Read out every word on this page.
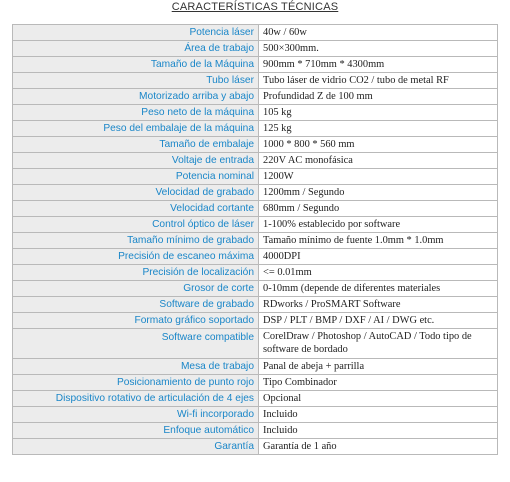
CARACTERÍSTICAS TÉCNICAS
Potencia láser	40w / 60w
Área de trabajo	500×300mm.
Tamaño de la Máquina	900mm * 710mm * 4300mm
Tubo láser	Tubo láser de vidrio CO2 / tubo de metal RF
Motorizado arriba y abajo	Profundidad Z de 100 mm
Peso neto de la máquina	105 kg
Peso del embalaje de la máquina	125 kg
Tamaño de embalaje	1000 * 800 * 560 mm
Voltaje de entrada	220V AC monofásica
Potencia nominal	1200W
Velocidad de grabado	1200mm / Segundo
Velocidad cortante	680mm / Segundo
Control óptico de láser	1-100% establecido por software
Tamaño mínimo de grabado	Tamaño mínimo de fuente 1.0mm * 1.0mm
Precisión de escaneo máxima	4000DPI
Precisión de localización	<= 0.01mm
Grosor de corte	0-10mm (depende de diferentes materiales
Software de grabado	RDworks / ProSMART Software
Formato gráfico soportado	DSP / PLT / BMP / DXF / AI / DWG etc.
Software compatible	CorelDraw / Photoshop / AutoCAD / Todo tipo de software de bordado
Mesa de trabajo	Panal de abeja + parrilla
Posicionamiento de punto rojo	Tipo Combinador
Dispositivo rotativo de articulación de 4 ejes	Opcional
Wi-fi incorporado	Incluido
Enfoque automático	Incluido
Garantía	Garantía de 1 año
